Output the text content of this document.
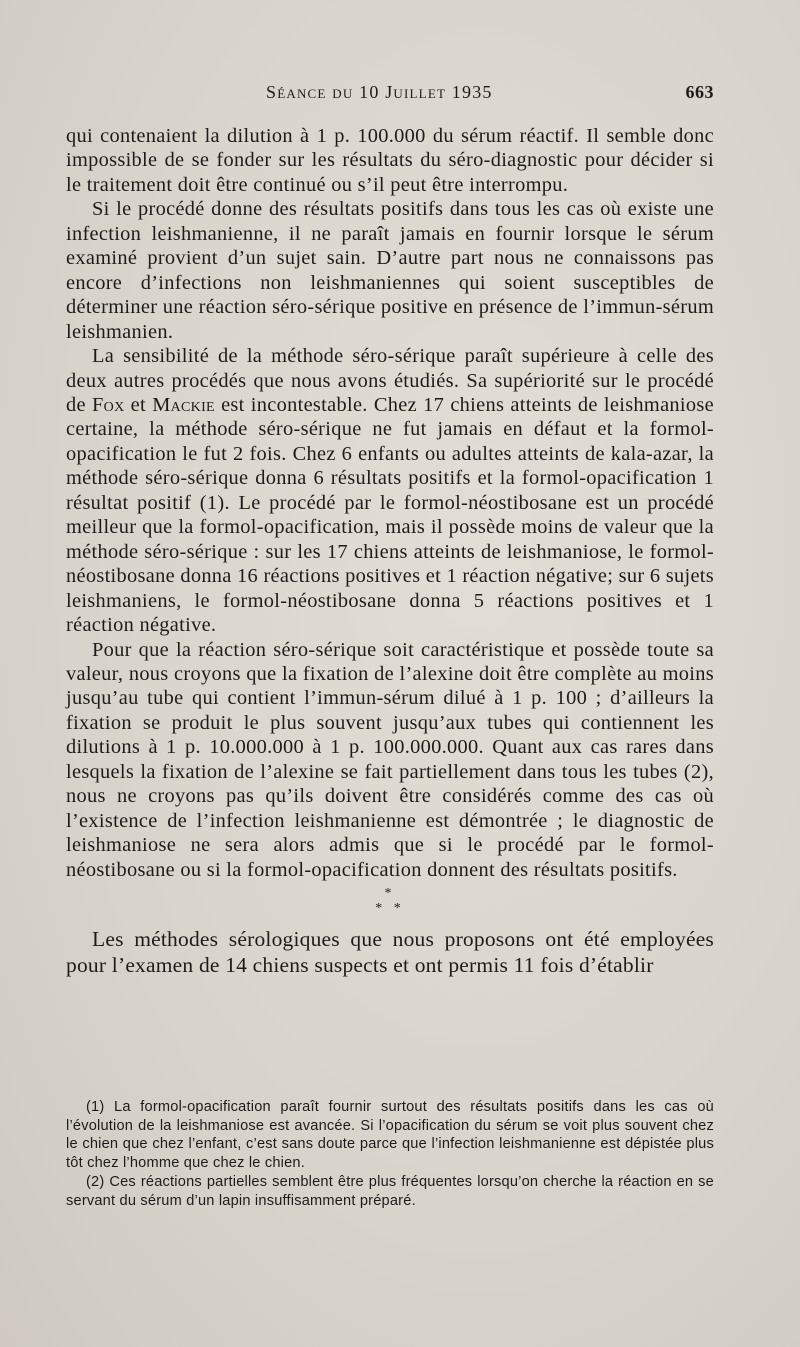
Séance du 10 Juillet 1935	663

qui contenaient la dilution à 1 p. 100.000 du sérum réactif. Il semble donc impossible de se fonder sur les résultats du séro-diagnostic pour décider si le traitement doit être continué ou s’il peut être interrompu.

Si le procédé donne des résultats positifs dans tous les cas où existe une infection leishmanienne, il ne paraît jamais en fournir lorsque le sérum examiné provient d’un sujet sain. D’autre part nous ne connaissons pas encore d’infections non leishmaniennes qui soient susceptibles de déterminer une réaction séro-sérique positive en présence de l’immun-sérum leishmanien.

La sensibilité de la méthode séro-sérique paraît supérieure à celle des deux autres procédés que nous avons étudiés. Sa supériorité sur le procédé de Fox et Mackie est incontestable. Chez 17 chiens atteints de leishmaniose certaine, la méthode séro-sérique ne fut jamais en défaut et la formol-opacification le fut 2 fois. Chez 6 enfants ou adultes atteints de kala-azar, la méthode séro-sérique donna 6 résultats positifs et la formol-opacification 1 résultat positif (1). Le procédé par le formol-néostibosane est un procédé meilleur que la formol-opacification, mais il possède moins de valeur que la méthode séro-sérique : sur les 17 chiens atteints de leishmaniose, le formol-néostibosane donna 16 réactions positives et 1 réaction négative; sur 6 sujets leishmaniens, le formol-néostibosane donna 5 réactions positives et 1 réaction négative.

Pour que la réaction séro-sérique soit caractéristique et possède toute sa valeur, nous croyons que la fixation de l’alexine doit être complète au moins jusqu’au tube qui contient l’immun-sérum dilué à 1 p. 100 ; d’ailleurs la fixation se produit le plus souvent jusqu’aux tubes qui contiennent les dilutions à 1 p. 10.000.000 à 1 p. 100.000.000. Quant aux cas rares dans lesquels la fixation de l’alexine se fait partiellement dans tous les tubes (2), nous ne croyons pas qu’ils doivent être considérés comme des cas où l’existence de l’infection leishmanienne est démontrée ; le diagnostic de leishmaniose ne sera alors admis que si le procédé par le formol-néostibosane ou si la formol-opacification donnent des résultats positifs.

*
* *

Les méthodes sérologiques que nous proposons ont été employées pour l’examen de 14 chiens suspects et ont permis 11 fois d’établir

(1) La formol-opacification paraît fournir surtout des résultats positifs dans les cas où l’évolution de la leishmaniose est avancée. Si l’opacification du sérum se voit plus souvent chez le chien que chez l’enfant, c’est sans doute parce que l’infection leishmanienne est dépistée plus tôt chez l’homme que chez le chien.

(2) Ces réactions partielles semblent être plus fréquentes lorsqu’on cherche la réaction en se servant du sérum d’un lapin insuffisamment préparé.
